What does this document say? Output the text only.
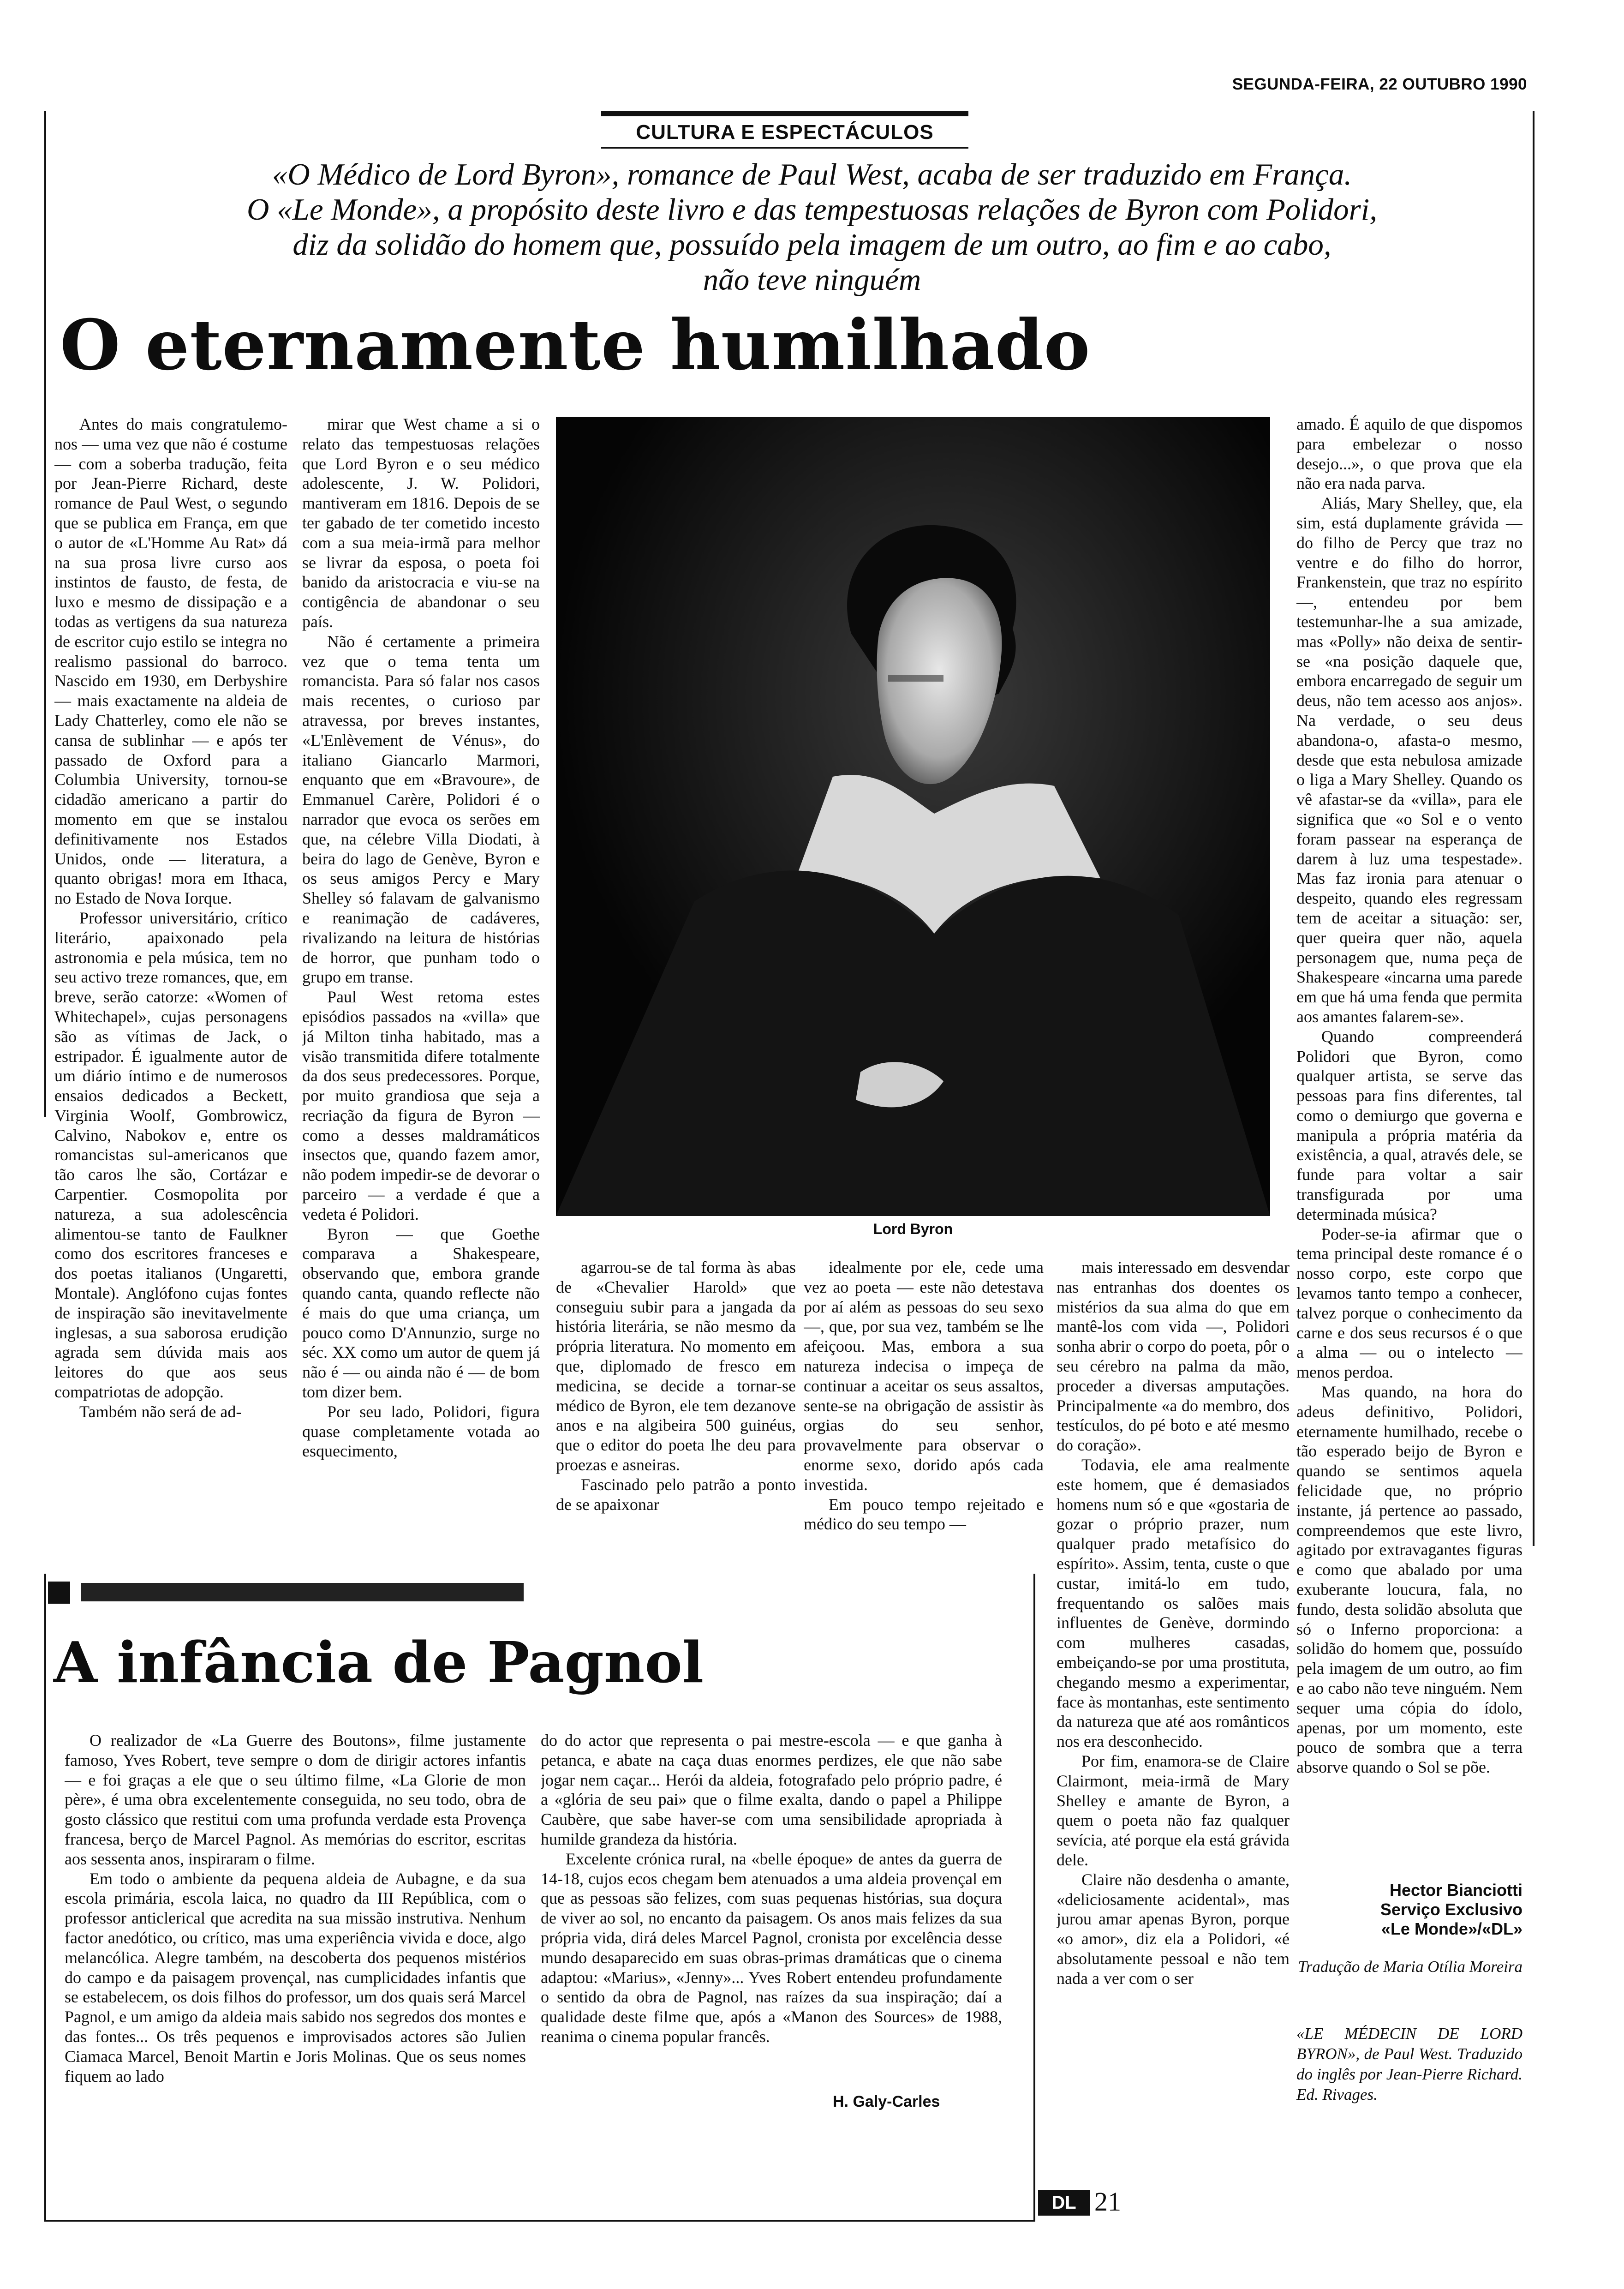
SEGUNDA-FEIRA, 22 OUTUBRO 1990
CULTURA E ESPECTÁCULOS
«O Médico de Lord Byron», romance de Paul West, acaba de ser traduzido em França.
O «Le Monde», a propósito deste livro e das tempestuosas relações de Byron com Polidori,
diz da solidão do homem que, possuído pela imagem de um outro, ao fim e ao cabo,
não teve ninguém
O eternamente humilhado

Antes do mais congratulemo-nos — uma vez que não é costume — com a soberba tradução, feita por Jean-Pierre Richard, deste romance de Paul West, o segundo que se publica em França, em que o autor de «L'Homme Au Rat» dá na sua prosa livre curso aos instintos de fausto, de festa, de luxo e mesmo de dissipação e a todas as vertigens da sua natureza de escritor cujo estilo se integra no realismo passional do barroco. Nascido em 1930, em Derbyshire — mais exactamente na aldeia de Lady Chatterley, como ele não se cansa de sublinhar — e após ter passado de Oxford para a Columbia University, tornou-se cidadão americano a partir do momento em que se instalou definitivamente nos Estados Unidos, onde — literatura, a quanto obrigas! mora em Ithaca, no Estado de Nova Iorque.

Professor universitário, crítico literário, apaixonado pela astronomia e pela música, tem no seu activo treze romances, que, em breve, serão catorze: «Women of Whitechapel», cujas personagens são as vítimas de Jack, o estripador. É igualmente autor de um diário íntimo e de numerosos ensaios dedicados a Beckett, Virginia Woolf, Gombrowicz, Calvino, Nabokov e, entre os romancistas sul-americanos que tão caros lhe são, Cortázar e Carpentier. Cosmopolita por natureza, a sua adolescência alimentou-se tanto de Faulkner como dos escritores franceses e dos poetas italianos (Ungaretti, Montale). Anglófono cujas fontes de inspiração são inevitavelmente inglesas, a sua saborosa erudição agrada sem dúvida mais aos leitores do que aos seus compatriotas de adopção.

Também não será de ad-

mirar que West chame a si o relato das tempestuosas relações que Lord Byron e o seu médico adolescente, J. W. Polidori, mantiveram em 1816. Depois de se ter gabado de ter cometido incesto com a sua meia-irmã para melhor se livrar da esposa, o poeta foi banido da aristocracia e viu-se na contigência de abandonar o seu país.

Não é certamente a primeira vez que o tema tenta um romancista. Para só falar nos casos mais recentes, o curioso par atravessa, por breves instantes, «L'Enlèvement de Vénus», do italiano Giancarlo Marmori, enquanto que em «Bravoure», de Emmanuel Carère, Polidori é o narrador que evoca os serões em que, na célebre Villa Diodati, à beira do lago de Genève, Byron e os seus amigos Percy e Mary Shelley só falavam de galvanismo e reanimação de cadáveres, rivalizando na leitura de histórias de horror, que punham todo o grupo em transe.

Paul West retoma estes episódios passados na «villa» que já Milton tinha habitado, mas a visão transmitida difere totalmente da dos seus predecessores. Porque, por muito grandiosa que seja a recriação da figura de Byron — como a desses maldramáticos insectos que, quando fazem amor, não podem impedir-se de devorar o parceiro — a verdade é que a vedeta é Polidori.

Byron — que Goethe comparava a Shakespeare, observando que, embora grande quando canta, quando reflecte não é mais do que uma criança, um pouco como D'Annunzio, surge no séc. XX como um autor de quem já não é — ou ainda não é — de bom tom dizer bem.

Por seu lado, Polidori, figura quase completamente votada ao esquecimento,

Lord Byron

agarrou-se de tal forma às abas de «Chevalier Harold» que conseguiu subir para a jangada da história literária, se não mesmo da própria literatura. No momento em que, diplomado de fresco em medicina, se decide a tornar-se médico de Byron, ele tem dezanove anos e na algibeira 500 guinéus, que o editor do poeta lhe deu para proezas e asneiras.

Fascinado pelo patrão a ponto de se apaixonar

idealmente por ele, cede uma vez ao poeta — este não detestava por aí além as pessoas do seu sexo —, que, por sua vez, também se lhe afeiçoou. Mas, embora a sua natureza indecisa o impeça de continuar a aceitar os seus assaltos, sente-se na obrigação de assistir às orgias do seu senhor, provavelmente para observar o enorme sexo, dorido após cada investida.

Em pouco tempo rejeitado e médico do seu tempo —

mais interessado em desvendar nas entranhas dos doentes os mistérios da sua alma do que em mantê-los com vida —, Polidori sonha abrir o corpo do poeta, pôr o seu cérebro na palma da mão, proceder a diversas amputações. Principalmente «a do membro, dos testículos, do pé boto e até mesmo do coração».

Todavia, ele ama realmente este homem, que é demasiados homens num só e que «gostaria de gozar o próprio prazer, num qualquer prado metafísico do espírito». Assim, tenta, custe o que custar, imitá-lo em tudo, frequentando os salões mais influentes de Genève, dormindo com mulheres casadas, embeiçando-se por uma prostituta, chegando mesmo a experimentar, face às montanhas, este sentimento da natureza que até aos românticos nos era desconhecido.

Por fim, enamora-se de Claire Clairmont, meia-irmã de Mary Shelley e amante de Byron, a quem o poeta não faz qualquer sevícia, até porque ela está grávida dele.

Claire não desdenha o amante, «deliciosamente acidental», mas jurou amar apenas Byron, porque «o amor», diz ela a Polidori, «é absolutamente pessoal e não tem nada a ver com o ser

amado. É aquilo de que dispomos para embelezar o nosso desejo...», o que prova que ela não era nada parva.

Aliás, Mary Shelley, que, ela sim, está duplamente grávida — do filho de Percy que traz no ventre e do filho do horror, Frankenstein, que traz no espírito —, entendeu por bem testemunhar-lhe a sua amizade, mas «Polly» não deixa de sentir-se «na posição daquele que, embora encarregado de seguir um deus, não tem acesso aos anjos». Na verdade, o seu deus abandona-o, afasta-o mesmo, desde que esta nebulosa amizade o liga a Mary Shelley. Quando os vê afastar-se da «villa», para ele significa que «o Sol e o vento foram passear na esperança de darem à luz uma tespestade». Mas faz ironia para atenuar o despeito, quando eles regressam tem de aceitar a situação: ser, quer queira quer não, aquela personagem que, numa peça de Shakespeare «incarna uma parede em que há uma fenda que permita aos amantes falarem-se».

Quando compreenderá Polidori que Byron, como qualquer artista, se serve das pessoas para fins diferentes, tal como o demiurgo que governa e manipula a própria matéria da existência, a qual, através dele, se funde para voltar a sair transfigurada por uma determinada música?

Poder-se-ia afirmar que o tema principal deste romance é o nosso corpo, este corpo que levamos tanto tempo a conhecer, talvez porque o conhecimento da carne e dos seus recursos é o que a alma — ou o intelecto — menos perdoa.

Mas quando, na hora do adeus definitivo, Polidori, eternamente humilhado, recebe o tão esperado beijo de Byron e quando se sentimos aquela felicidade que, no próprio instante, já pertence ao passado, compreendemos que este livro, agitado por extravagantes figuras e como que abalado por uma exuberante loucura, fala, no fundo, desta solidão absoluta que só o Inferno proporciona: a solidão do homem que, possuído pela imagem de um outro, ao fim e ao cabo não teve ninguém. Nem sequer uma cópia do ídolo, apenas, por um momento, este pouco de sombra que a terra absorve quando o Sol se põe.

Hector Bianciotti
Serviço Exclusivo
«Le Monde»/«DL»
Tradução de Maria Otília Moreira
«LE MÉDECIN DE LORD BYRON», de Paul West. Traduzido do inglês por Jean-Pierre Richard. Ed. Rivages.
A infância de Pagnol

O realizador de «La Guerre des Boutons», filme justamente famoso, Yves Robert, teve sempre o dom de dirigir actores infantis — e foi graças a ele que o seu último filme, «La Glorie de mon père», é uma obra excelentemente conseguida, no seu todo, obra de gosto clássico que restitui com uma profunda verdade esta Provença francesa, berço de Marcel Pagnol. As memórias do escritor, escritas aos sessenta anos, inspiraram o filme.

Em todo o ambiente da pequena aldeia de Aubagne, e da sua escola primária, escola laica, no quadro da III República, com o professor anticlerical que acredita na sua missão instrutiva. Nenhum factor anedótico, ou crítico, mas uma experiência vivida e doce, algo melancólica. Alegre também, na descoberta dos pequenos mistérios do campo e da paisagem provençal, nas cumplicidades infantis que se estabelecem, os dois filhos do professor, um dos quais será Marcel Pagnol, e um amigo da aldeia mais sabido nos segredos dos montes e das fontes... Os três pequenos e improvisados actores são Julien Ciamaca Marcel, Benoit Martin e Joris Molinas. Que os seus nomes fiquem ao lado

do do actor que representa o pai mestre-escola — e que ganha à petanca, e abate na caça duas enormes perdizes, ele que não sabe jogar nem caçar... Herói da aldeia, fotografado pelo próprio padre, é a «glória de seu pai» que o filme exalta, dando o papel a Philippe Caubère, que sabe haver-se com uma sensibilidade apropriada à humilde grandeza da história.

Excelente crónica rural, na «belle époque» de antes da guerra de 14-18, cujos ecos chegam bem atenuados a uma aldeia provençal em que as pessoas são felizes, com suas pequenas histórias, sua doçura de viver ao sol, no encanto da paisagem. Os anos mais felizes da sua própria vida, dirá deles Marcel Pagnol, cronista por excelência desse mundo desaparecido em suas obras-primas dramáticas que o cinema adaptou: «Marius», «Jenny»... Yves Robert entendeu profundamente o sentido da obra de Pagnol, nas raízes da sua inspiração; daí a qualidade deste filme que, após a «Manon des Sources» de 1988, reanima o cinema popular francês.

H. Galy-Carles
DL 21
